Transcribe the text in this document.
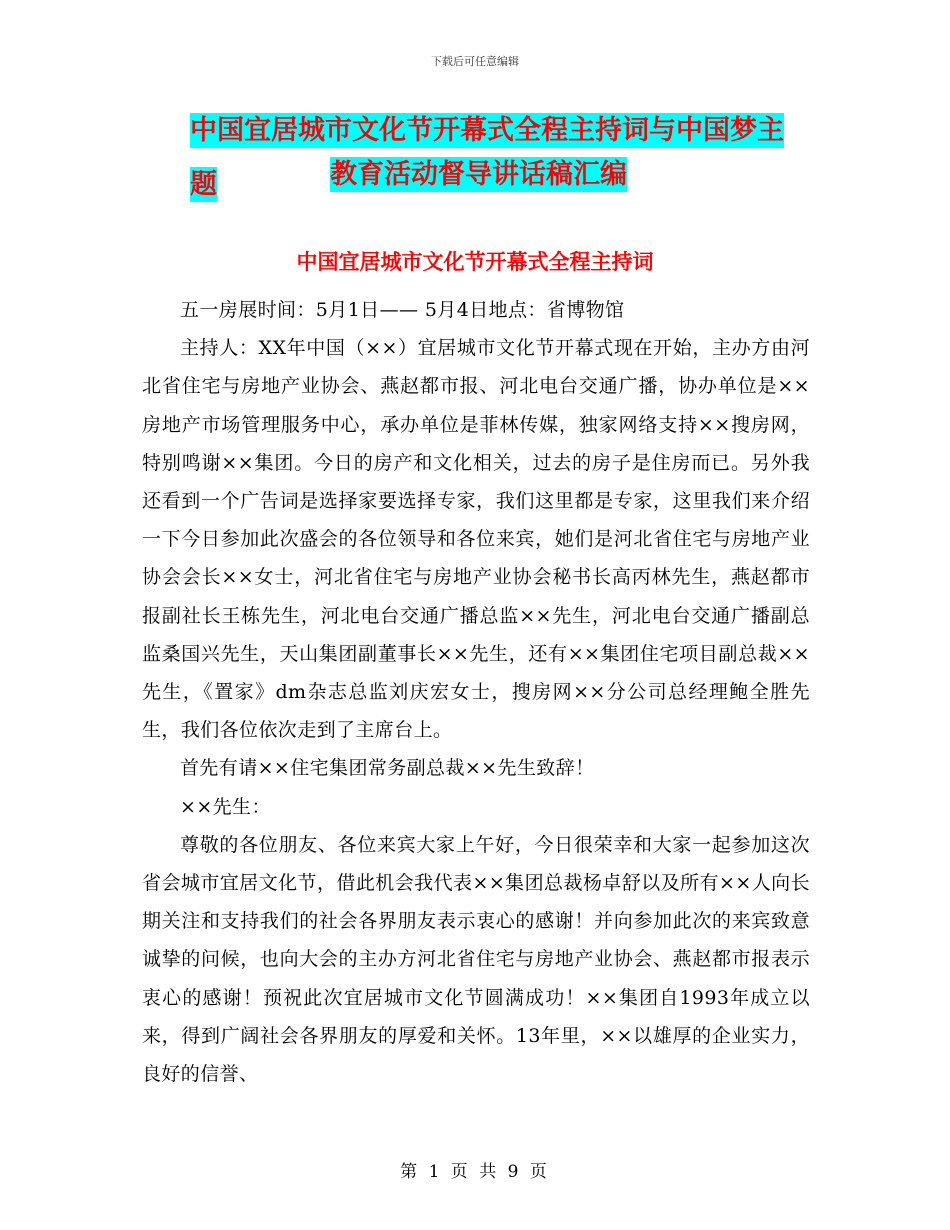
下载后可任意编辑
中国宜居城市文化节开幕式全程主持词与中国梦主题	教育活动督导讲话稿汇编
中国宜居城市文化节开幕式全程主持词

五一房展时间：5月1日—— 5月4日地点：省博物馆

主持人：XX年中国（××）宜居城市文化节开幕式现在开始，主办方由河北省住宅与房地产业协会、燕赵都市报、河北电台交通广播，协办单位是××房地产市场管理服务中心，承办单位是菲林传媒，独家网络支持××搜房网，特别鸣谢××集团。今日的房产和文化相关，过去的房子是住房而已。另外我还看到一个广告词是选择家要选择专家，我们这里都是专家，这里我们来介绍一下今日参加此次盛会的各位领导和各位来宾，她们是河北省住宅与房地产业协会会长××女士，河北省住宅与房地产业协会秘书长高丙林先生，燕赵都市报副社长王栋先生，河北电台交通广播总监××先生，河北电台交通广播副总监桑国兴先生，天山集团副董事长××先生，还有××集团住宅项目副总裁××先生，《置家》dm杂志总监刘庆宏女士，搜房网××分公司总经理鲍全胜先生，我们各位依次走到了主席台上。

首先有请××住宅集团常务副总裁××先生致辞！

××先生：

尊敬的各位朋友、各位来宾大家上午好，今日很荣幸和大家一起参加这次省会城市宜居文化节，借此机会我代表××集团总裁杨卓舒以及所有××人向长期关注和支持我们的社会各界朋友表示衷心的感谢！并向参加此次的来宾致意诚挚的问候，也向大会的主办方河北省住宅与房地产业协会、燕赵都市报表示衷心的感谢！预祝此次宜居城市文化节圆满成功！××集团自1993年成立以来，得到广阔社会各界朋友的厚爱和关怀。13年里，××以雄厚的企业实力，良好的信誉、

第 1 页 共 9 页
